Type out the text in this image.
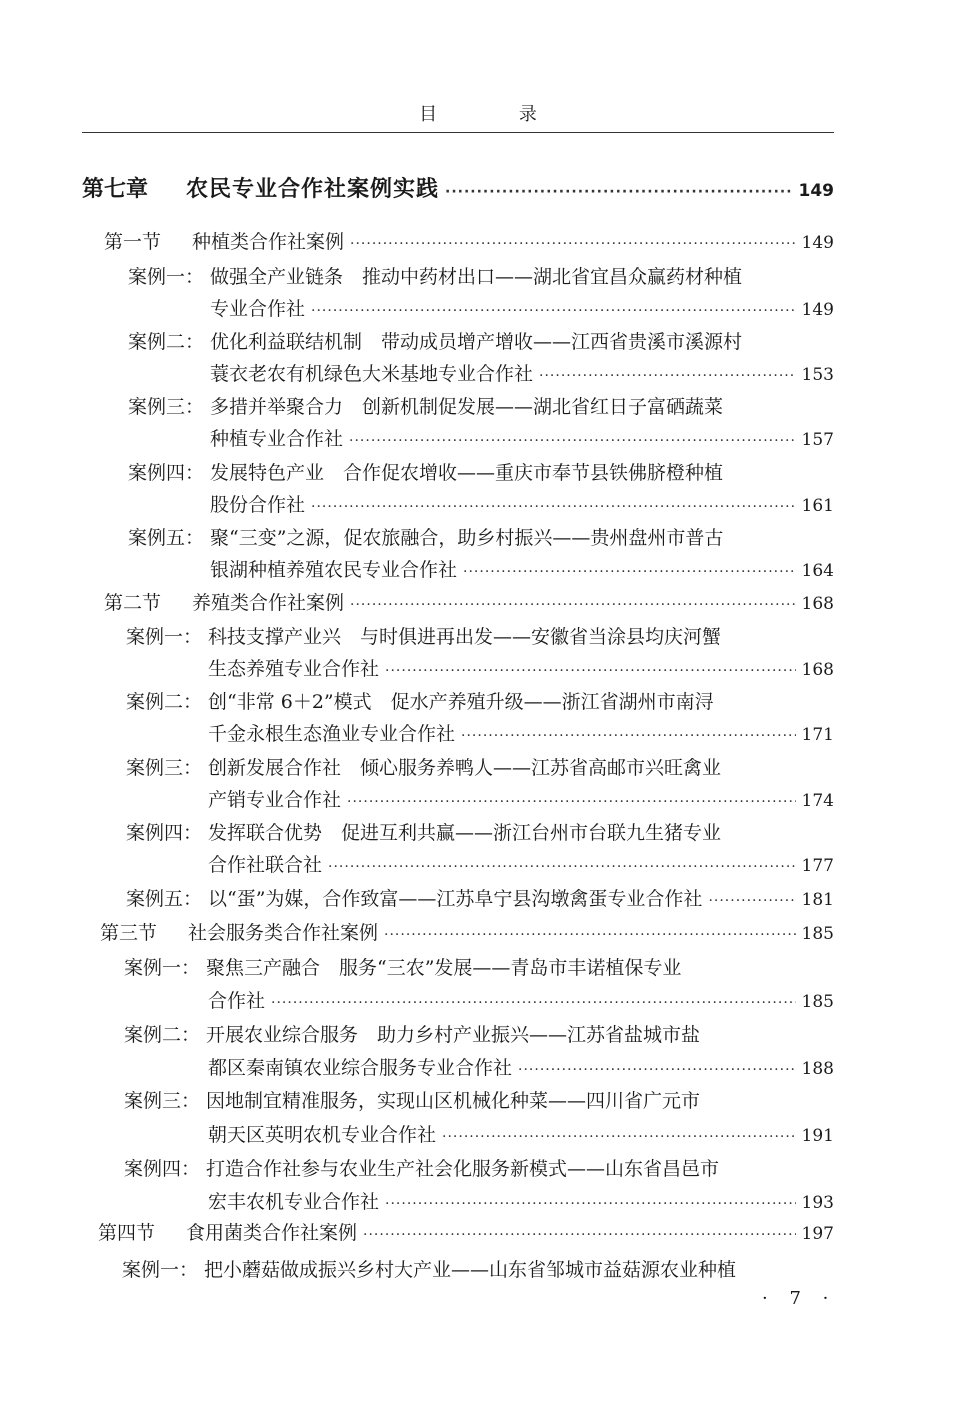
目 录
第七章	农民专业合作社案例实践 ·····	149
第一节	种植类合作社案例 ·····	149
案例一： 做强全产业链条　推动中药材出口——湖北省宜昌众赢药材种植
专业合作社 ·····	149
案例二： 优化利益联结机制　带动成员增产增收——江西省贵溪市溪源村
蓑衣老农有机绿色大米基地专业合作社 ·····	153
案例三： 多措并举聚合力　创新机制促发展——湖北省红日子富硒蔬菜
种植专业合作社 ·····	157
案例四： 发展特色产业　合作促农增收——重庆市奉节县铁佛脐橙种植
股份合作社 ·····	161
案例五： 聚“三变”之源，促农旅融合，助乡村振兴——贵州盘州市普古
银湖种植养殖农民专业合作社 ·····	164
第二节	养殖类合作社案例 ·····	168
案例一： 科技支撑产业兴　与时俱进再出发——安徽省当涂县均庆河蟹
生态养殖专业合作社 ·····	168
案例二： 创“非常 6＋2”模式　促水产养殖升级——浙江省湖州市南浔
千金永根生态渔业专业合作社 ·····	171
案例三： 创新发展合作社　倾心服务养鸭人——江苏省高邮市兴旺禽业
产销专业合作社 ·····	174
案例四： 发挥联合优势　促进互利共赢——浙江台州市台联九生猪专业
合作社联合社 ·····	177
案例五： 以“蛋”为媒，合作致富——江苏阜宁县沟墩禽蛋专业合作社 ·····	181
第三节	社会服务类合作社案例 ·····	185
案例一： 聚焦三产融合　服务“三农”发展——青岛市丰诺植保专业
合作社 ·····	185
案例二： 开展农业综合服务　助力乡村产业振兴——江苏省盐城市盐
都区秦南镇农业综合服务专业合作社 ·····	188
案例三： 因地制宜精准服务，实现山区机械化种菜——四川省广元市
朝天区英明农机专业合作社 ·····	191
案例四： 打造合作社参与农业生产社会化服务新模式——山东省昌邑市
宏丰农机专业合作社 ·····	193
第四节	食用菌类合作社案例 ·····	197
案例一： 把小蘑菇做成振兴乡村大产业——山东省邹城市益菇源农业种植
· 7 ·
